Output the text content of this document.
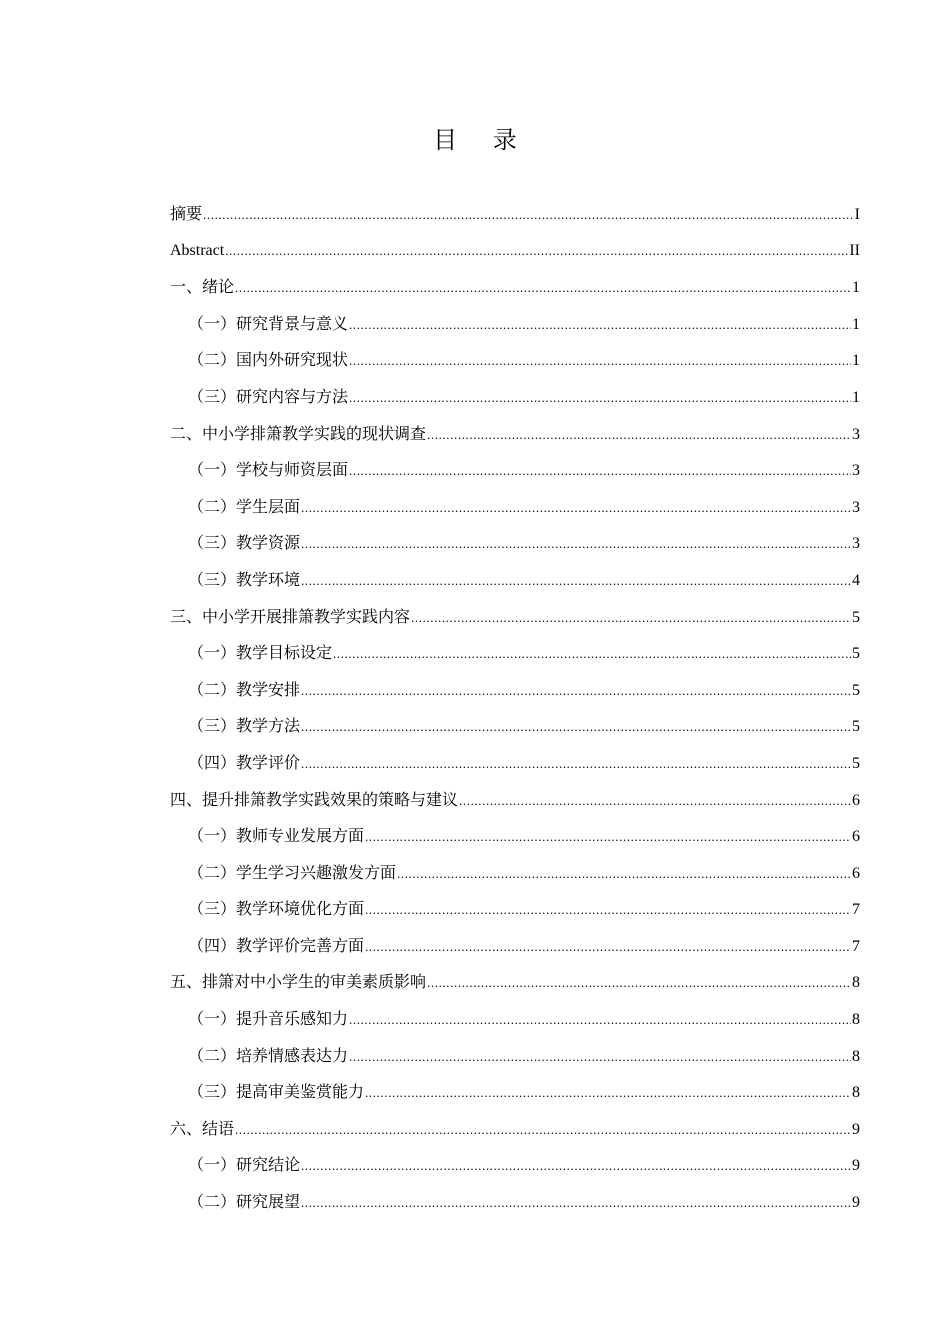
目 录
摘要 .....	I
Abstract .....	II
一、绪论 .....	1
（一）研究背景与意义 .....	1
（二）国内外研究现状 .....	1
（三）研究内容与方法 .....	1
二、中小学排箫教学实践的现状调查 .....	3
（一）学校与师资层面 .....	3
（二）学生层面 .....	3
（三）教学资源 .....	3
（三）教学环境 .....	4
三、中小学开展排箫教学实践内容 .....	5
（一）教学目标设定 .....	5
（二）教学安排 .....	5
（三）教学方法 .....	5
（四）教学评价 .....	5
四、提升排箫教学实践效果的策略与建议 .....	6
（一）教师专业发展方面 .....	6
（二）学生学习兴趣激发方面 .....	6
（三）教学环境优化方面 .....	7
（四）教学评价完善方面 .....	7
五、排箫对中小学生的审美素质影响 .....	8
（一）提升音乐感知力 .....	8
（二）培养情感表达力 .....	8
（三）提高审美鉴赏能力 .....	8
六、结语 .....	9
（一）研究结论 .....	9
（二）研究展望 .....	9
